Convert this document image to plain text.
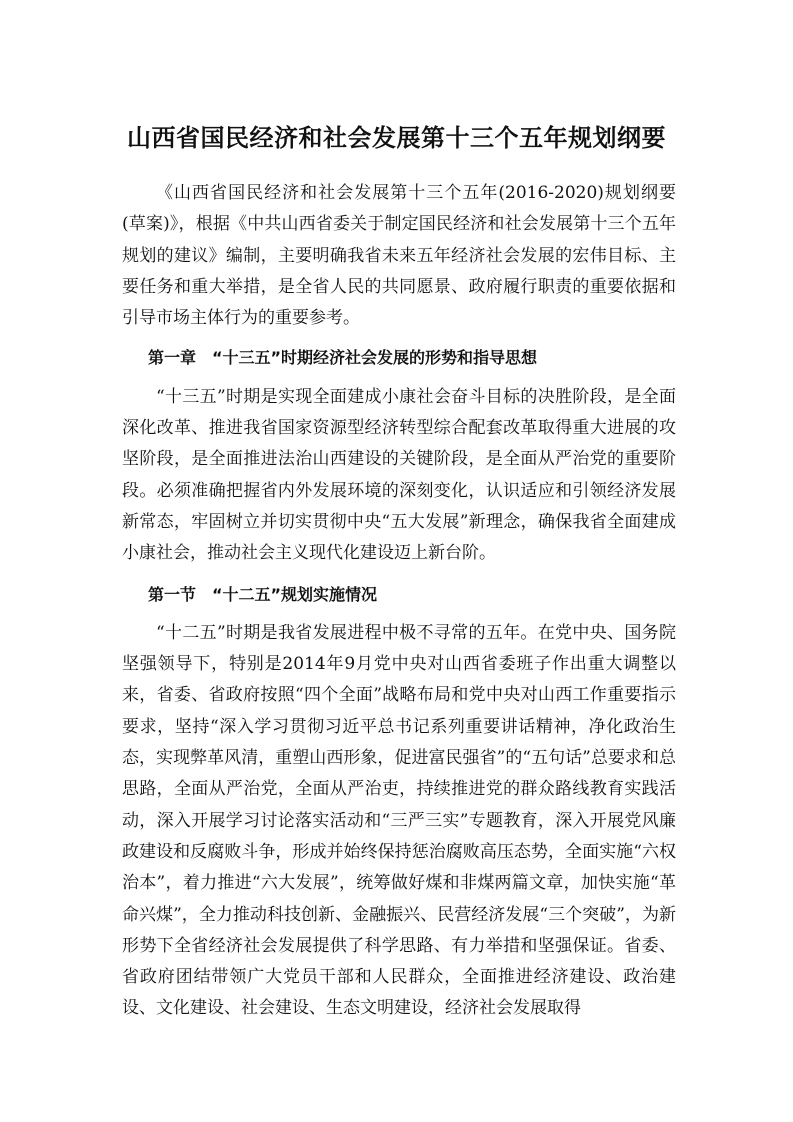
山西省国民经济和社会发展第十三个五年规划纲要

《山西省国民经济和社会发展第十三个五年(2016-2020)规划纲要(草案)》，根据《中共山西省委关于制定国民经济和社会发展第十三个五年规划的建议》编制，主要明确我省未来五年经济社会发展的宏伟目标、主要任务和重大举措，是全省人民的共同愿景、政府履行职责的重要依据和引导市场主体行为的重要参考。

第一章　“十三五”时期经济社会发展的形势和指导思想

“十三五”时期是实现全面建成小康社会奋斗目标的决胜阶段，是全面深化改革、推进我省国家资源型经济转型综合配套改革取得重大进展的攻坚阶段，是全面推进法治山西建设的关键阶段，是全面从严治党的重要阶段。必须准确把握省内外发展环境的深刻变化，认识适应和引领经济发展新常态，牢固树立并切实贯彻中央“五大发展”新理念，确保我省全面建成小康社会，推动社会主义现代化建设迈上新台阶。

第一节　“十二五”规划实施情况

“十二五”时期是我省发展进程中极不寻常的五年。在党中央、国务院坚强领导下，特别是2014年9月党中央对山西省委班子作出重大调整以来，省委、省政府按照“四个全面”战略布局和党中央对山西工作重要指示要求，坚持“深入学习贯彻习近平总书记系列重要讲话精神，净化政治生态，实现弊革风清，重塑山西形象，促进富民强省”的“五句话”总要求和总思路，全面从严治党，全面从严治吏，持续推进党的群众路线教育实践活动，深入开展学习讨论落实活动和“三严三实”专题教育，深入开展党风廉政建设和反腐败斗争，形成并始终保持惩治腐败高压态势，全面实施“六权治本”，着力推进“六大发展”，统筹做好煤和非煤两篇文章，加快实施“革命兴煤”，全力推动科技创新、金融振兴、民营经济发展“三个突破”，为新形势下全省经济社会发展提供了科学思路、有力举措和坚强保证。省委、省政府团结带领广大党员干部和人民群众，全面推进经济建设、政治建设、文化建设、社会建设、生态文明建设，经济社会发展取得
